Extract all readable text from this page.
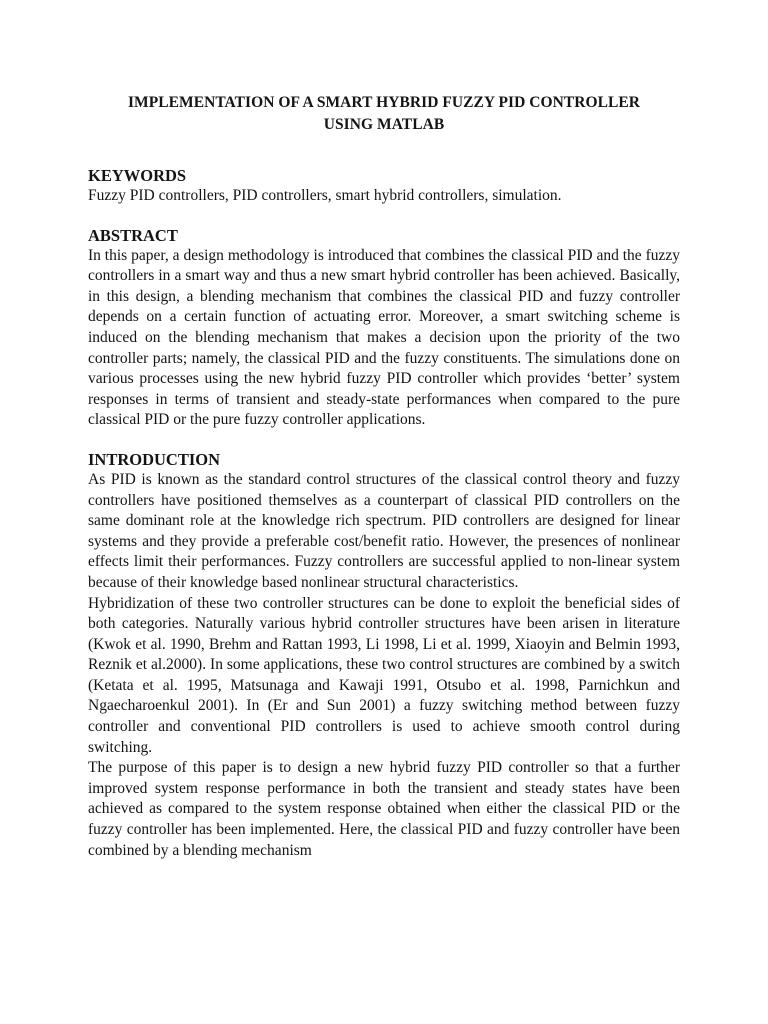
IMPLEMENTATION OF A SMART HYBRID FUZZY PID CONTROLLER
USING MATLAB
KEYWORDS

Fuzzy PID controllers, PID controllers, smart hybrid controllers, simulation.

ABSTRACT

In this paper, a design methodology is introduced that combines the classical PID and the fuzzy controllers in a smart way and thus a new smart hybrid controller has been achieved. Basically, in this design, a blending mechanism that combines the classical PID and fuzzy controller depends on a certain function of actuating error. Moreover, a smart switching scheme is induced on the blending mechanism that makes a decision upon the priority of the two controller parts; namely, the classical PID and the fuzzy constituents. The simulations done on various processes using the new hybrid fuzzy PID controller which provides ‘better’ system responses in terms of transient and steady-state performances when compared to the pure classical PID or the pure fuzzy controller applications.

INTRODUCTION

As PID is known as the standard control structures of the classical control theory and fuzzy controllers have positioned themselves as a counterpart of classical PID controllers on the same dominant role at the knowledge rich spectrum. PID controllers are designed for linear systems and they provide a preferable cost/benefit ratio. However, the presences of nonlinear effects limit their performances. Fuzzy controllers are successful applied to non-linear system because of their knowledge based nonlinear structural characteristics.

Hybridization of these two controller structures can be done to exploit the beneficial sides of both categories. Naturally various hybrid controller structures have been arisen in literature (Kwok et al. 1990, Brehm and Rattan 1993, Li 1998, Li et al. 1999, Xiaoyin and Belmin 1993, Reznik et al.2000). In some applications, these two control structures are combined by a switch (Ketata et al. 1995, Matsunaga and Kawaji 1991, Otsubo et al. 1998, Parnichkun and Ngaecharoenkul 2001). In (Er and Sun 2001) a fuzzy switching method between fuzzy controller and conventional PID controllers is used to achieve smooth control during switching.

The purpose of this paper is to design a new hybrid fuzzy PID controller so that a further improved system response performance in both the transient and steady states have been achieved as compared to the system response obtained when either the classical PID or the fuzzy controller has been implemented. Here, the classical PID and fuzzy controller have been combined by a blending mechanism
